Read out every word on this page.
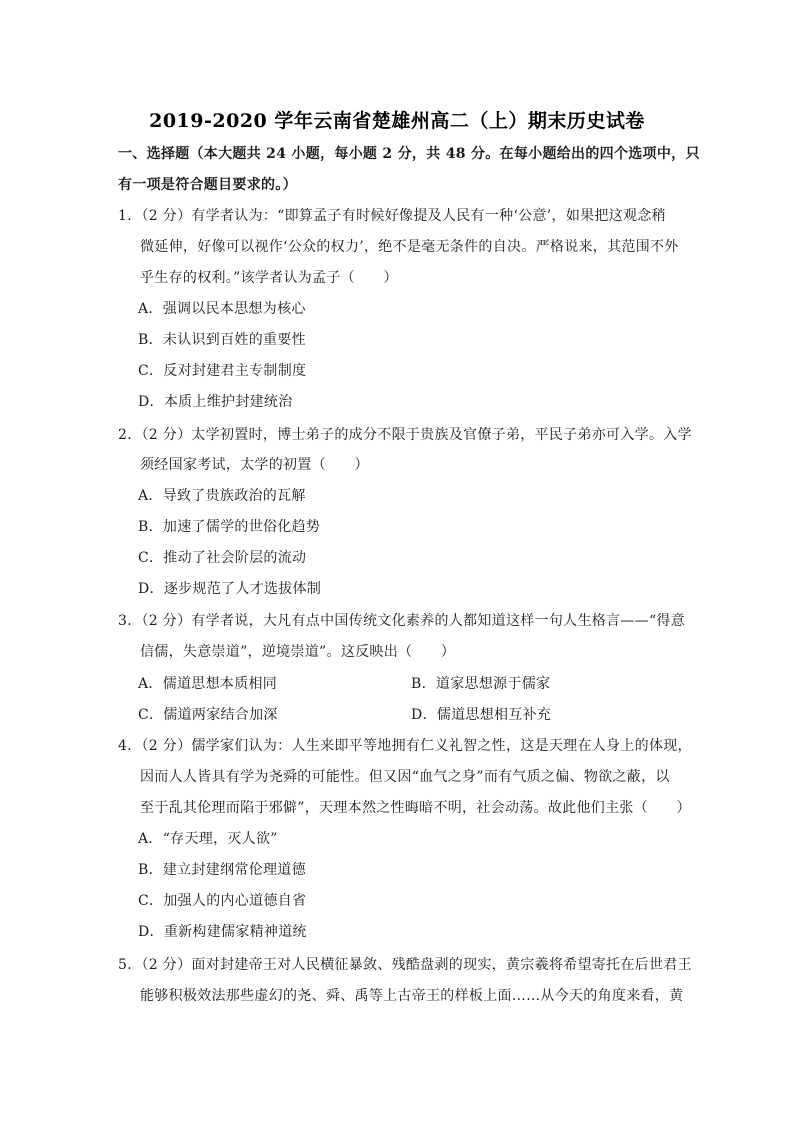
2019-2020 学年云南省楚雄州高二（上）期末历史试卷
一、选择题（本大题共 24 小题，每小题 2 分，共 48 分。在每小题给出的四个选项中，只
有一项是符合题目要求的。）
1．（2 分）有学者认为：“即算孟子有时候好像提及人民有一种‘公意’，如果把这观念稍
微延伸，好像可以视作‘公众的权力’，绝不是毫无条件的自决。严格说来，其范围不外
乎生存的权利。”该学者认为孟子（　　）
A．强调以民本思想为核心
B．未认识到百姓的重要性
C．反对封建君主专制制度
D．本质上维护封建统治
2．（2 分）太学初置时，博士弟子的成分不限于贵族及官僚子弟，平民子弟亦可入学。入学
须经国家考试，太学的初置（　　）
A．导致了贵族政治的瓦解
B．加速了儒学的世俗化趋势
C．推动了社会阶层的流动
D．逐步规范了人才选拔体制
3．（2 分）有学者说，大凡有点中国传统文化素养的人都知道这样一句人生格言——“得意
信儒，失意崇道”，逆境崇道”。这反映出（　　）
A．儒道思想本质相同	B．道家思想源于儒家
C．儒道两家结合加深	D．儒道思想相互补充
4．（2 分）儒学家们认为：人生来即平等地拥有仁义礼智之性，这是天理在人身上的体现，
因而人人皆具有学为尧舜的可能性。但又因“血气之身”而有气质之偏、物欲之蔽，以
至于乱其伦理而陷于邪僻”，天理本然之性晦暗不明，社会动荡。故此他们主张（　　）
A．“存天理，灭人欲”
B．建立封建纲常伦理道德
C．加强人的内心道德自省
D．重新构建儒家精神道统
5．（2 分）面对封建帝王对人民横征暴敛、残酷盘剥的现实，黄宗羲将希望寄托在后世君王
能够积极效法那些虚幻的尧、舜、禹等上古帝王的样板上面……从今天的角度来看，黄
